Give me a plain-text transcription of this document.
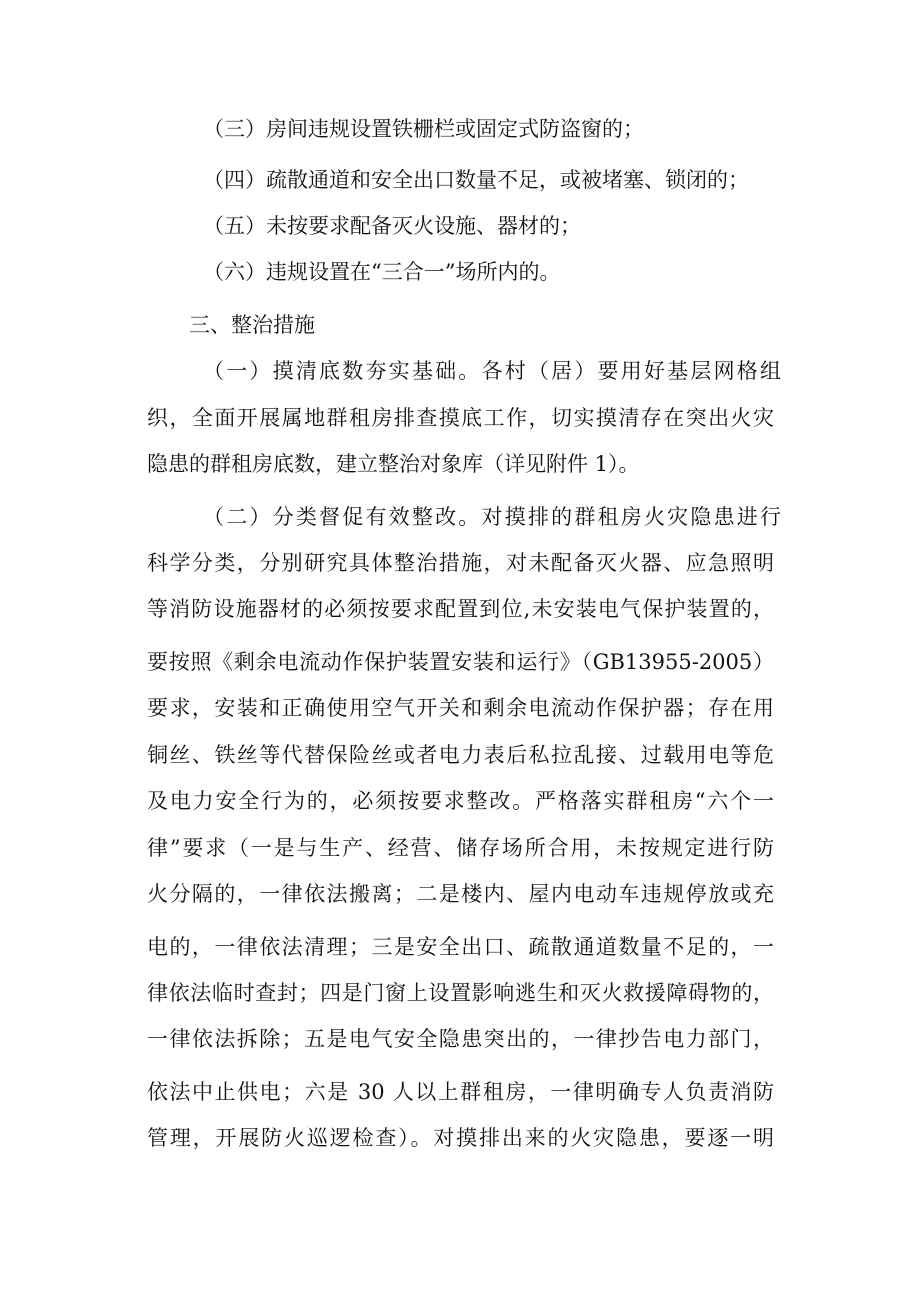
（三）房间违规设置铁栅栏或固定式防盗窗的；

（四）疏散通道和安全出口数量不足，或被堵塞、锁闭的；

（五）未按要求配备灭火设施、器材的；

（六）违规设置在“三合一”场所内的。

三、整治措施

（一）摸清底数夯实基础。各村（居）要用好基层网格组

织，全面开展属地群租房排查摸底工作，切实摸清存在突出火灾

隐患的群租房底数，建立整治对象库（详见附件 1）。

（二）分类督促有效整改。对摸排的群租房火灾隐患进行

科学分类，分别研究具体整治措施，对未配备灭火器、应急照明

等消防设施器材的必须按要求配置到位,未安装电气保护装置的，

要按照《剩余电流动作保护装置安装和运行》（GB13955-2005）

要求，安装和正确使用空气开关和剩余电流动作保护器；存在用

铜丝、铁丝等代替保险丝或者电力表后私拉乱接、过载用电等危

及电力安全行为的，必须按要求整改。严格落实群租房“六个一

律”要求（一是与生产、经营、储存场所合用，未按规定进行防

火分隔的，一律依法搬离；二是楼内、屋内电动车违规停放或充

电的，一律依法清理；三是安全出口、疏散通道数量不足的，一

律依法临时查封；四是门窗上设置影响逃生和灭火救援障碍物的，

一律依法拆除；五是电气安全隐患突出的，一律抄告电力部门，

依法中止供电；六是 30 人以上群租房，一律明确专人负责消防

管理，开展防火巡逻检查）。对摸排出来的火灾隐患，要逐一明
